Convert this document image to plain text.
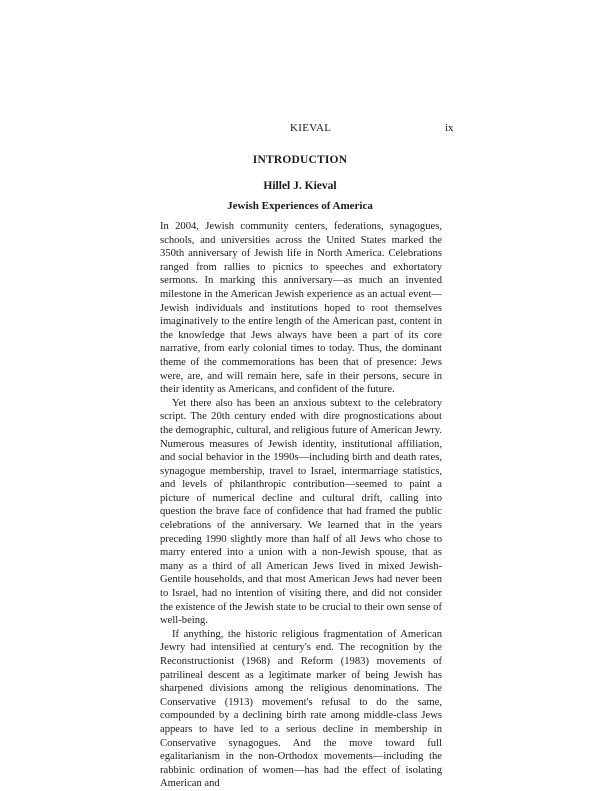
KIEVAL	ix
INTRODUCTION
Hillel J. Kieval
Jewish Experiences of America

In 2004, Jewish community centers, federations, synagogues, schools, and universities across the United States marked the 350th anniversary of Jewish life in North America. Celebrations ranged from rallies to picnics to speeches and exhortatory sermons. In marking this anniversary—as much an invented milestone in the American Jewish experience as an actual event—Jewish individuals and institutions hoped to root themselves imaginatively to the entire length of the American past, content in the knowledge that Jews always have been a part of its core narrative, from early colonial times to today. Thus, the dominant theme of the commemorations has been that of presence: Jews were, are, and will remain here, safe in their persons, secure in their identity as Americans, and confident of the future.

Yet there also has been an anxious subtext to the celebratory script. The 20th century ended with dire prognostications about the demographic, cultural, and religious future of American Jewry. Numerous measures of Jewish identity, institutional affiliation, and social behavior in the 1990s—including birth and death rates, synagogue membership, travel to Israel, intermarriage statistics, and levels of philanthropic contribution—seemed to paint a picture of numerical decline and cultural drift, calling into question the brave face of confidence that had framed the public celebrations of the anniversary. We learned that in the years preceding 1990 slightly more than half of all Jews who chose to marry entered into a union with a non-Jewish spouse, that as many as a third of all American Jews lived in mixed Jewish-Gentile households, and that most American Jews had never been to Israel, had no intention of visiting there, and did not consider the existence of the Jewish state to be crucial to their own sense of well-being.

If anything, the historic religious fragmentation of American Jewry had intensified at century's end. The recognition by the Reconstructionist (1968) and Reform (1983) movements of patrilineal descent as a legitimate marker of being Jewish has sharpened divisions among the religious denominations. The Conservative (1913) movement's refusal to do the same, compounded by a declining birth rate among middle-class Jews appears to have led to a serious decline in membership in Conservative synagogues. And the move toward full egalitarianism in the non-Orthodox movements—including the rabbinic ordination of women—has had the effect of isolating American and
